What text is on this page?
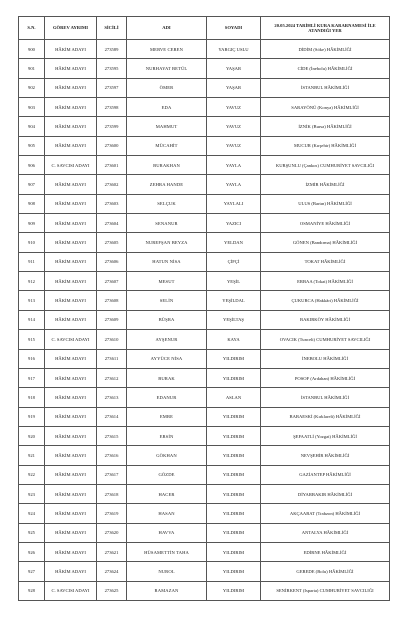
S.N.	GÖREV AYRIMI	SİCİLİ	ADI	SOYADI	20.05.2024 TARİHLİ KURA KARARNAMESİ İLE ATANDIĞI YER
900	HÂKİM ADAYI	273589	MERVE CEREN	YARGIÇ USLU	DİDİM (Söke) HÂKİMLİĞİ
901	HÂKİM ADAYI	273595	NURHAYAT BETÜL	YAŞAR	CİDE (İnebolu) HÂKİMLİĞİ
902	HÂKİM ADAYI	273597	ÖMER	YAŞAR	İSTANBUL HÂKİMLİĞİ
903	HÂKİM ADAYI	273598	EDA	YAVUZ	SARAYÖNÜ (Konya) HÂKİMLİĞİ
904	HÂKİM ADAYI	273599	MAHMUT	YAVUZ	İZNİK (Bursa) HÂKİMLİĞİ
905	HÂKİM ADAYI	273600	MÜCAHİT	YAVUZ	MUCUR (Kırşehir) HÂKİMLİĞİ
906	C. SAVCISI ADAYI	273601	BURAKHAN	YAYLA	KURŞUNLU (Çankırı) CUMHURİYET SAVCILIĞI
907	HÂKİM ADAYI	273602	ZEHRA HANDE	YAYLA	İZMİR HÂKİMLİĞİ
908	HÂKİM ADAYI	273603	SELÇUK	YAYLALI	ULUS (Bartın) HÂKİMLİĞİ
909	HÂKİM ADAYI	273604	SENANUR	YAZICI	OSMANİYE HÂKİMLİĞİ
910	HÂKİM ADAYI	273605	NUREFŞAN BEYZA	YELDAN	GÖNEN (Bandırma) HÂKİMLİĞİ
911	HÂKİM ADAYI	273606	HATUN NİSA	ÇİFÇİ	TOKAT HÂKİMLİĞİ
912	HÂKİM ADAYI	273607	MESUT	YEŞİL	ERBAA (Tokat) HÂKİMLİĞİ
913	HÂKİM ADAYI	273608	SELİN	YEŞİLDAL	ÇUKURCA (Hakkâri) HÂKİMLİĞİ
914	HÂKİM ADAYI	273609	BÜŞRA	YEŞİLTAŞ	BAKIRKÖY HÂKİMLİĞİ
915	C. SAVCISI ADAYI	273610	AYŞENUR	KAYA	OVACIK (Tunceli) CUMHURİYET SAVCILIĞI
916	HÂKİM ADAYI	273611	AYYÜCE NİSA	YILDIRIM	İNEBOLU HÂKİMLİĞİ
917	HÂKİM ADAYI	273612	BURAK	YILDIRIM	POSOF (Ardahan) HÂKİMLİĞİ
918	HÂKİM ADAYI	273613	EDANUR	ASLAN	İSTANBUL HÂKİMLİĞİ
919	HÂKİM ADAYI	273614	EMRE	YILDIRIM	BABAESKİ (Kırklareli) HÂKİMLİĞİ
920	HÂKİM ADAYI	273615	ERSİN	YILDIRIM	ŞEFAATLİ (Yozgat) HÂKİMLİĞİ
921	HÂKİM ADAYI	273616	GÖKHAN	YILDIRIM	NEVŞEHİR HÂKİMLİĞİ
922	HÂKİM ADAYI	273617	GÖZDE	YILDIRIM	GAZİANTEP HÂKİMLİĞİ
923	HÂKİM ADAYI	273618	HACER	YILDIRIM	DİYARBAKIR HÂKİMLİĞİ
924	HÂKİM ADAYI	273619	HASAN	YILDIRIM	AKÇAABAT (Trabzon) HÂKİMLİĞİ
925	HÂKİM ADAYI	273620	HAVVA	YILDIRIM	ANTALYA HÂKİMLİĞİ
926	HÂKİM ADAYI	273621	HÜSAMETTİN TAHA	YILDIRIM	EDİRNE HÂKİMLİĞİ
927	HÂKİM ADAYI	273624	NUROL	YILDIRIM	GEREDE (Bolu) HÂKİMLİĞİ
928	C. SAVCISI ADAYI	273625	RAMAZAN	YILDIRIM	SENİRKENT (Isparta) CUMHURİYET SAVCILIĞI
